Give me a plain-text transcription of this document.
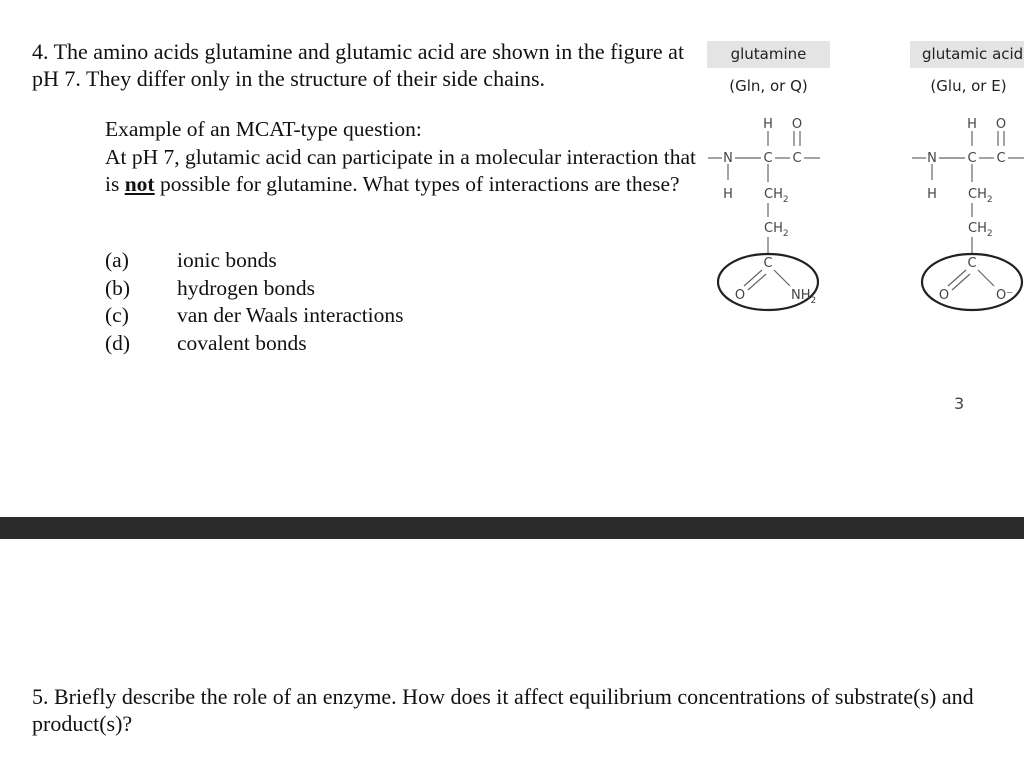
4. The amino acids glutamine and glutamic acid are shown in the figure at pH 7. They differ only in the structure of their side chains.
Example of an MCAT-type question:
At pH 7, glutamic acid can participate in a molecular interaction that is not possible for glutamine. What types of interactions are these?
(a) ionic bonds
(b) hydrogen bonds
(c) van der Waals interactions
(d) covalent bonds
glutamine
(Gln, or Q)
glutamic acid
(Glu, or E)
N C C
H O
H $CH_2$
$CH_2$
C
O	$NH_2$
N C C
H O
H $CH_2$
$CH_2$
C
O	O⁻
3
5. Briefly describe the role of an enzyme. How does it affect equilibrium concentrations of substrate(s) and product(s)?
